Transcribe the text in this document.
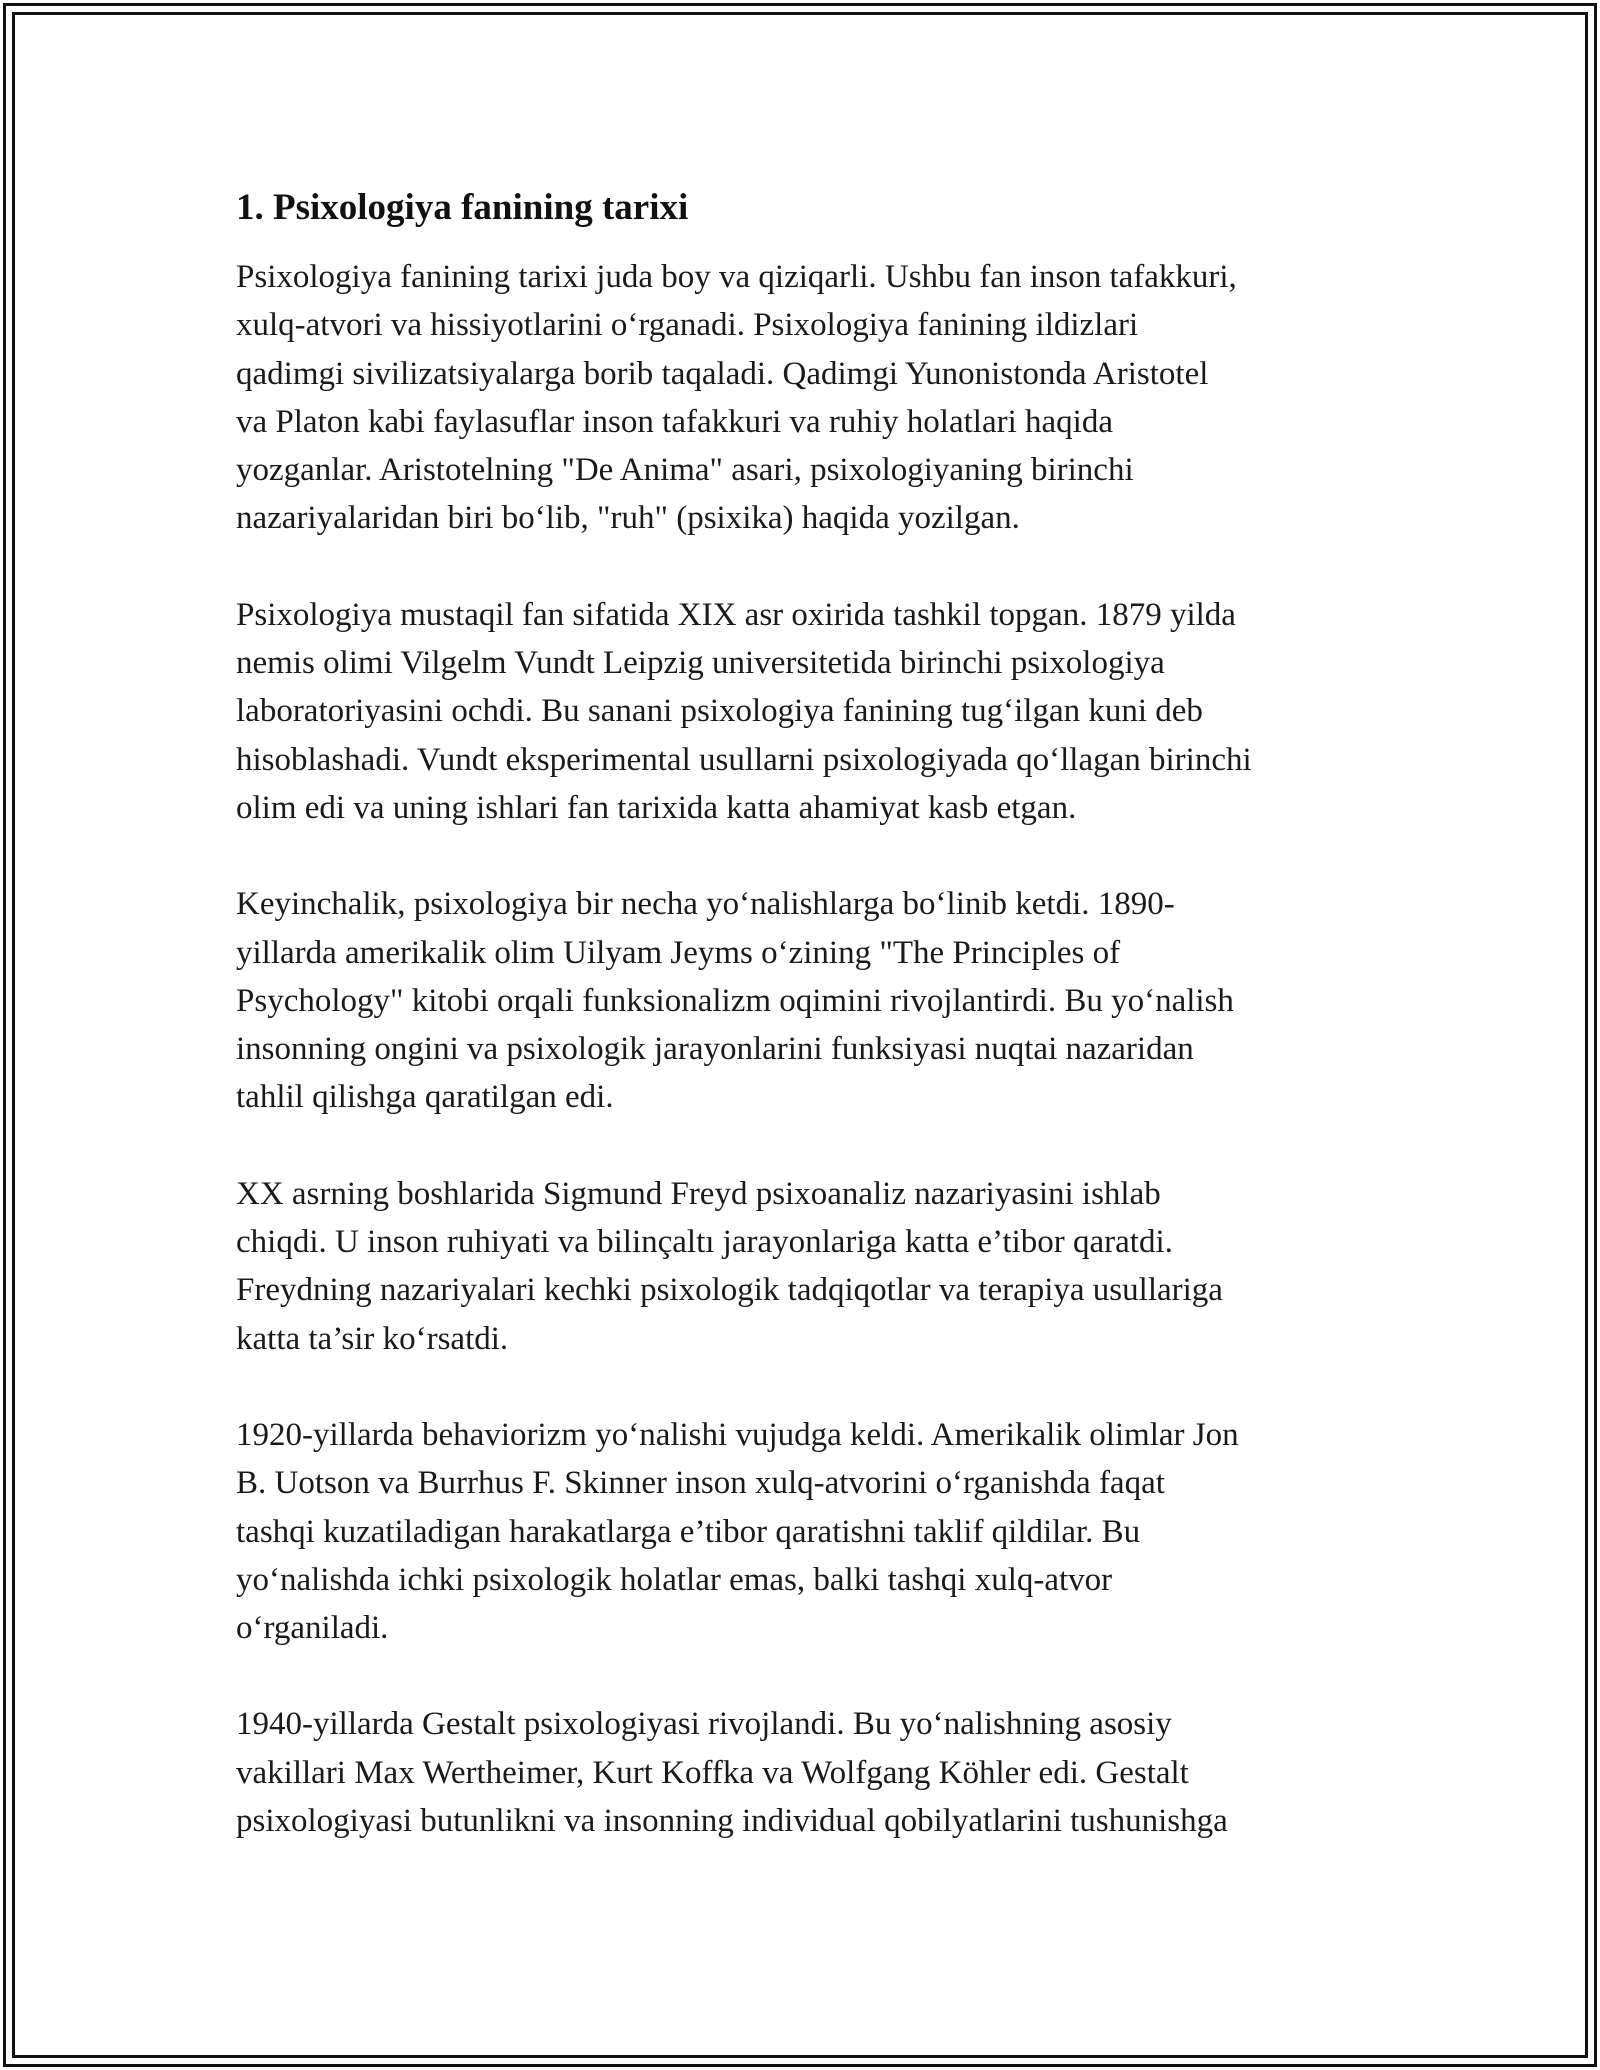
1. Psixologiya fanining tarixi

Psixologiya fanining tarixi juda boy va qiziqarli. Ushbu fan inson tafakkuri,
xulq-atvori va hissiyotlarini o‘rganadi. Psixologiya fanining ildizlari
qadimgi sivilizatsiyalarga borib taqaladi. Qadimgi Yunonistonda Aristotel
va Platon kabi faylasuflar inson tafakkuri va ruhiy holatlari haqida
yozganlar. Aristotelning "De Anima" asari, psixologiyaning birinchi
nazariyalaridan biri bo‘lib, "ruh" (psixika) haqida yozilgan.

Psixologiya mustaqil fan sifatida XIX asr oxirida tashkil topgan. 1879 yilda
nemis olimi Vilgelm Vundt Leipzig universitetida birinchi psixologiya
laboratoriyasini ochdi. Bu sanani psixologiya fanining tug‘ilgan kuni deb
hisoblashadi. Vundt eksperimental usullarni psixologiyada qo‘llagan birinchi
olim edi va uning ishlari fan tarixida katta ahamiyat kasb etgan.

Keyinchalik, psixologiya bir necha yo‘nalishlarga bo‘linib ketdi. 1890-
yillarda amerikalik olim Uilyam Jeyms o‘zining "The Principles of
Psychology" kitobi orqali funksionalizm oqimini rivojlantirdi. Bu yo‘nalish
insonning ongini va psixologik jarayonlarini funksiyasi nuqtai nazaridan
tahlil qilishga qaratilgan edi.

XX asrning boshlarida Sigmund Freyd psixoanaliz nazariyasini ishlab
chiqdi. U inson ruhiyati va bilinçaltı jarayonlariga katta e’tibor qaratdi.
Freydning nazariyalari kechki psixologik tadqiqotlar va terapiya usullariga
katta ta’sir ko‘rsatdi.

1920-yillarda behaviorizm yo‘nalishi vujudga keldi. Amerikalik olimlar Jon
B. Uotson va Burrhus F. Skinner inson xulq-atvorini o‘rganishda faqat
tashqi kuzatiladigan harakatlarga e’tibor qaratishni taklif qildilar. Bu
yo‘nalishda ichki psixologik holatlar emas, balki tashqi xulq-atvor
o‘rganiladi.

1940-yillarda Gestalt psixologiyasi rivojlandi. Bu yo‘nalishning asosiy
vakillari Max Wertheimer, Kurt Koffka va Wolfgang Köhler edi. Gestalt
psixologiyasi butunlikni va insonning individual qobilyatlarini tushunishga
